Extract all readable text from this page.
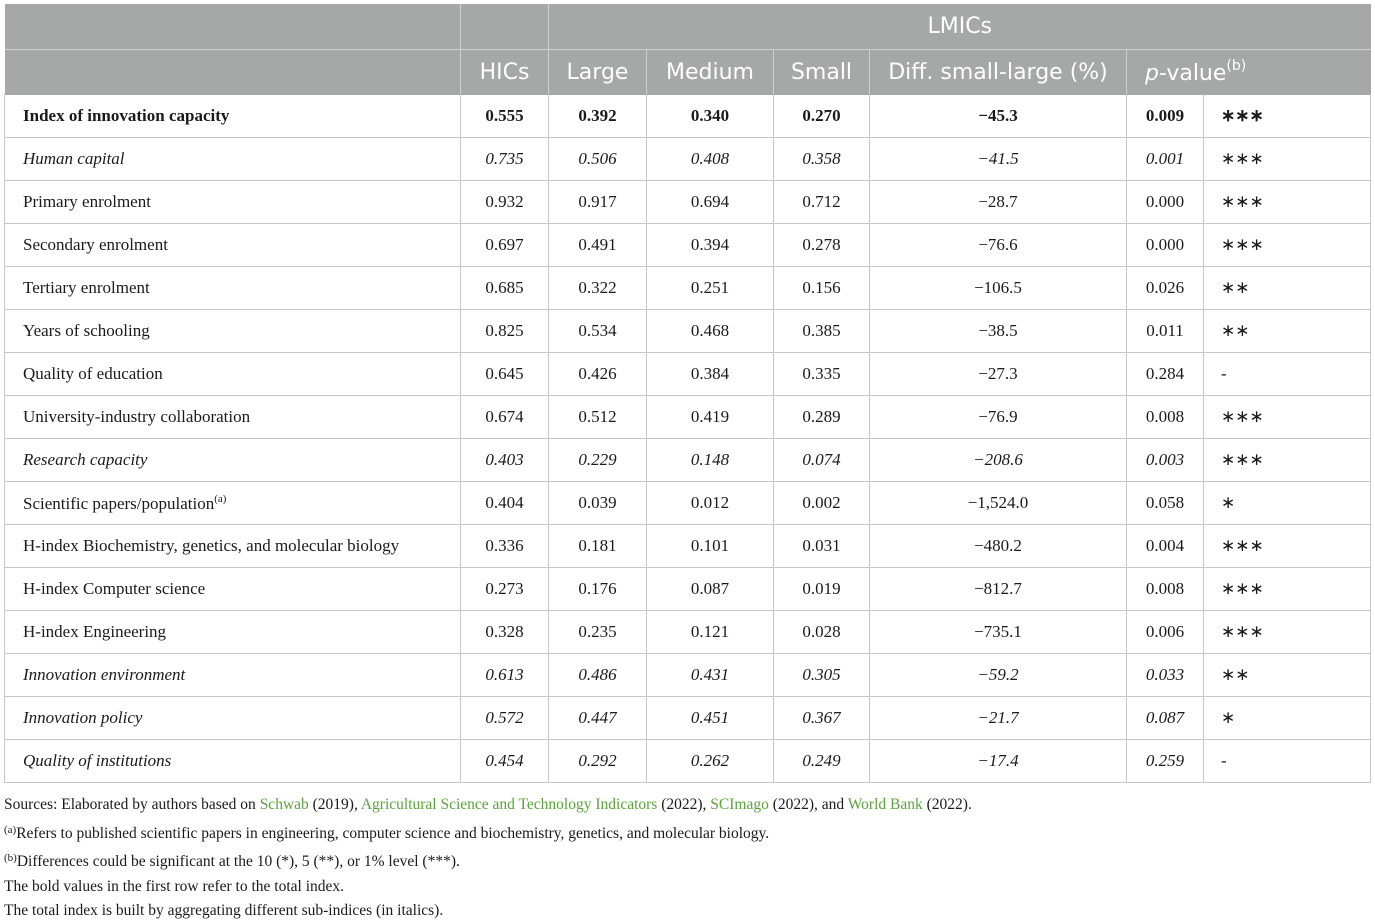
		LMICs					
	HICs	Large	Medium	Small	Diff. small-large (%)	p-value$^{(b)}$
Index of innovation capacity	0.555	0.392	0.340	0.270	−45.3	0.009	∗∗∗
Human capital	0.735	0.506	0.408	0.358	−41.5	0.001	∗∗∗
Primary enrolment	0.932	0.917	0.694	0.712	−28.7	0.000	∗∗∗
Secondary enrolment	0.697	0.491	0.394	0.278	−76.6	0.000	∗∗∗
Tertiary enrolment	0.685	0.322	0.251	0.156	−106.5	0.026	∗∗
Years of schooling	0.825	0.534	0.468	0.385	−38.5	0.011	∗∗
Quality of education	0.645	0.426	0.384	0.335	−27.3	0.284	-
University-industry collaboration	0.674	0.512	0.419	0.289	−76.9	0.008	∗∗∗
Research capacity	0.403	0.229	0.148	0.074	−208.6	0.003	∗∗∗
Scientific papers/population$^{(a)}$	0.404	0.039	0.012	0.002	−1,524.0	0.058	∗
H-index Biochemistry, genetics, and molecular biology	0.336	0.181	0.101	0.031	−480.2	0.004	∗∗∗
H-index Computer science	0.273	0.176	0.087	0.019	−812.7	0.008	∗∗∗
H-index Engineering	0.328	0.235	0.121	0.028	−735.1	0.006	∗∗∗
Innovation environment	0.613	0.486	0.431	0.305	−59.2	0.033	∗∗
Innovation policy	0.572	0.447	0.451	0.367	−21.7	0.087	∗
Quality of institutions	0.454	0.292	0.262	0.249	−17.4	0.259	-

Sources: Elaborated by authors based on Schwab (2019), Agricultural Science and Technology Indicators (2022), SCImago (2022), and World Bank (2022).

$^{(a)}$Refers to published scientific papers in engineering, computer science and biochemistry, genetics, and molecular biology.

$^{(b)}$Differences could be significant at the 10 (*), 5 (**), or 1% level (***).

The bold values in the first row refer to the total index.

The total index is built by aggregating different sub-indices (in italics).
